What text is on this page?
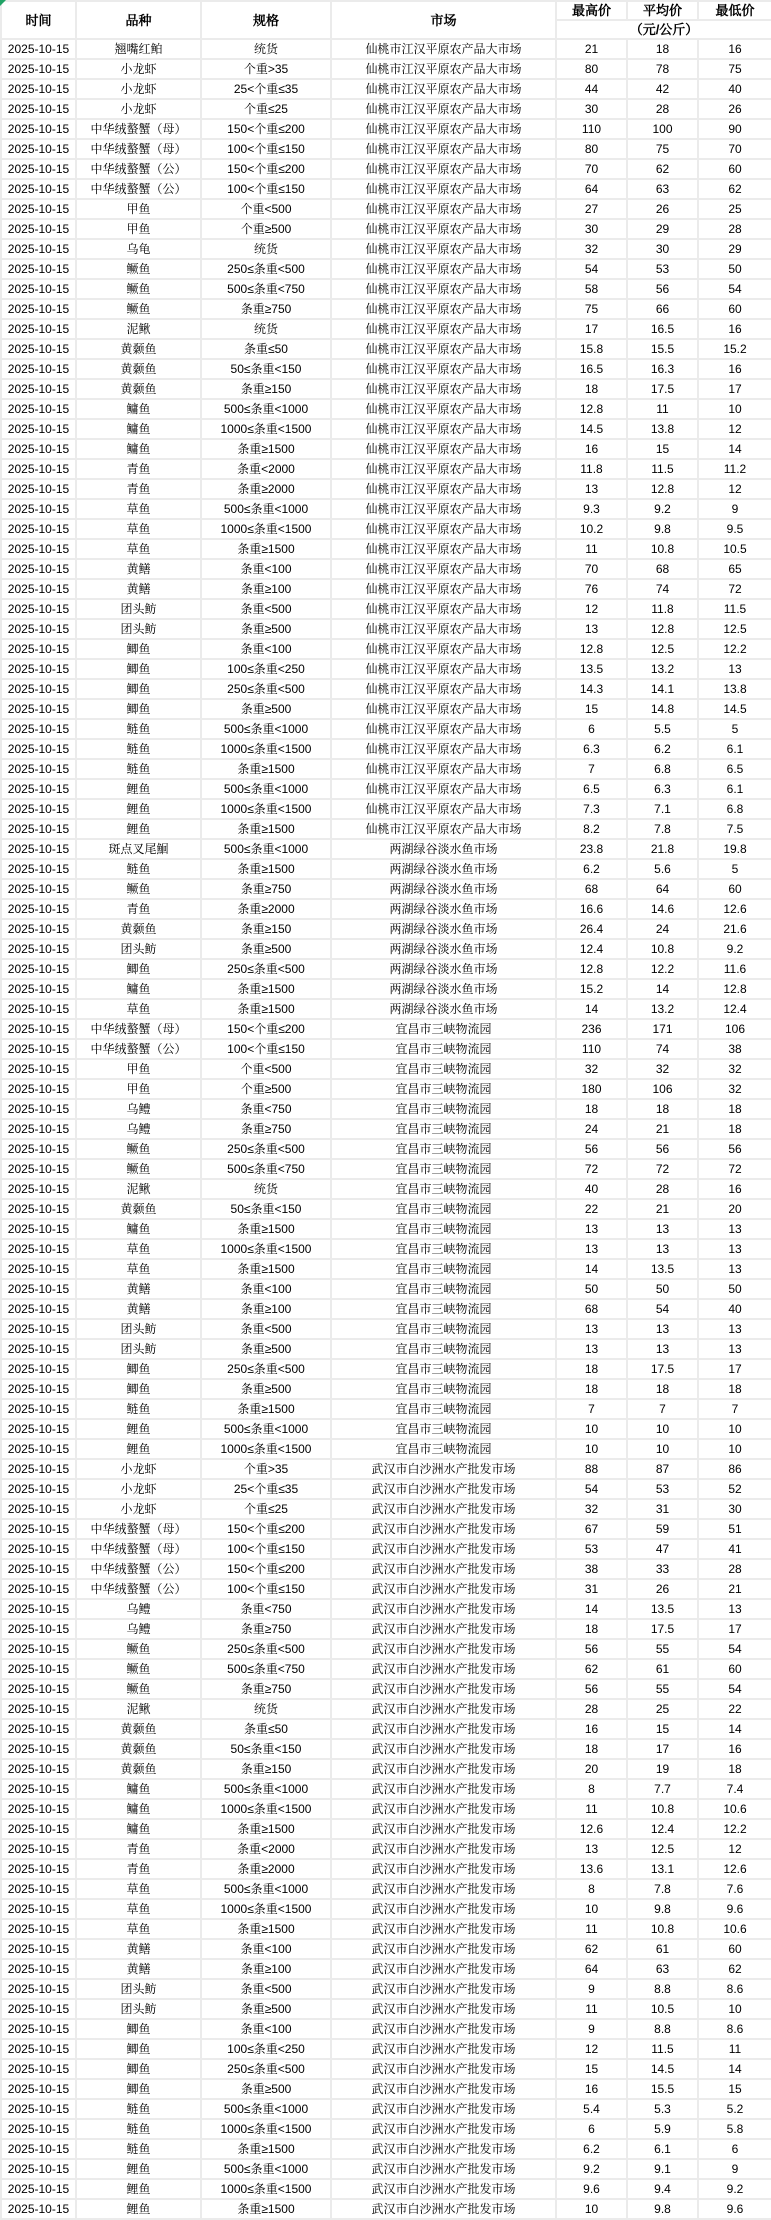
时间	品种	规格	市场	最高价	平均价	最低价
				（元/公斤）		
2025-10-15	翘嘴红鲌	统货	仙桃市江汉平原农产品大市场	21	18	16
2025-10-15	小龙虾	个重>35	仙桃市江汉平原农产品大市场	80	78	75
2025-10-15	小龙虾	25<个重≤35	仙桃市江汉平原农产品大市场	44	42	40
2025-10-15	小龙虾	个重≤25	仙桃市江汉平原农产品大市场	30	28	26
2025-10-15	中华绒螯蟹（母）	150<个重≤200	仙桃市江汉平原农产品大市场	110	100	90
2025-10-15	中华绒螯蟹（母）	100<个重≤150	仙桃市江汉平原农产品大市场	80	75	70
2025-10-15	中华绒螯蟹（公）	150<个重≤200	仙桃市江汉平原农产品大市场	70	62	60
2025-10-15	中华绒螯蟹（公）	100<个重≤150	仙桃市江汉平原农产品大市场	64	63	62
2025-10-15	甲鱼	个重<500	仙桃市江汉平原农产品大市场	27	26	25
2025-10-15	甲鱼	个重≥500	仙桃市江汉平原农产品大市场	30	29	28
2025-10-15	乌龟	统货	仙桃市江汉平原农产品大市场	32	30	29
2025-10-15	鳜鱼	250≤条重<500	仙桃市江汉平原农产品大市场	54	53	50
2025-10-15	鳜鱼	500≤条重<750	仙桃市江汉平原农产品大市场	58	56	54
2025-10-15	鳜鱼	条重≥750	仙桃市江汉平原农产品大市场	75	66	60
2025-10-15	泥鳅	统货	仙桃市江汉平原农产品大市场	17	16.5	16
2025-10-15	黄颡鱼	条重≤50	仙桃市江汉平原农产品大市场	15.8	15.5	15.2
2025-10-15	黄颡鱼	50≤条重<150	仙桃市江汉平原农产品大市场	16.5	16.3	16
2025-10-15	黄颡鱼	条重≥150	仙桃市江汉平原农产品大市场	18	17.5	17
2025-10-15	鳙鱼	500≤条重<1000	仙桃市江汉平原农产品大市场	12.8	11	10
2025-10-15	鳙鱼	1000≤条重<1500	仙桃市江汉平原农产品大市场	14.5	13.8	12
2025-10-15	鳙鱼	条重≥1500	仙桃市江汉平原农产品大市场	16	15	14
2025-10-15	青鱼	条重<2000	仙桃市江汉平原农产品大市场	11.8	11.5	11.2
2025-10-15	青鱼	条重≥2000	仙桃市江汉平原农产品大市场	13	12.8	12
2025-10-15	草鱼	500≤条重<1000	仙桃市江汉平原农产品大市场	9.3	9.2	9
2025-10-15	草鱼	1000≤条重<1500	仙桃市江汉平原农产品大市场	10.2	9.8	9.5
2025-10-15	草鱼	条重≥1500	仙桃市江汉平原农产品大市场	11	10.8	10.5
2025-10-15	黄鳝	条重<100	仙桃市江汉平原农产品大市场	70	68	65
2025-10-15	黄鳝	条重≥100	仙桃市江汉平原农产品大市场	76	74	72
2025-10-15	团头鲂	条重<500	仙桃市江汉平原农产品大市场	12	11.8	11.5
2025-10-15	团头鲂	条重≥500	仙桃市江汉平原农产品大市场	13	12.8	12.5
2025-10-15	鲫鱼	条重<100	仙桃市江汉平原农产品大市场	12.8	12.5	12.2
2025-10-15	鲫鱼	100≤条重<250	仙桃市江汉平原农产品大市场	13.5	13.2	13
2025-10-15	鲫鱼	250≤条重<500	仙桃市江汉平原农产品大市场	14.3	14.1	13.8
2025-10-15	鲫鱼	条重≥500	仙桃市江汉平原农产品大市场	15	14.8	14.5
2025-10-15	鲢鱼	500≤条重<1000	仙桃市江汉平原农产品大市场	6	5.5	5
2025-10-15	鲢鱼	1000≤条重<1500	仙桃市江汉平原农产品大市场	6.3	6.2	6.1
2025-10-15	鲢鱼	条重≥1500	仙桃市江汉平原农产品大市场	7	6.8	6.5
2025-10-15	鲤鱼	500≤条重<1000	仙桃市江汉平原农产品大市场	6.5	6.3	6.1
2025-10-15	鲤鱼	1000≤条重<1500	仙桃市江汉平原农产品大市场	7.3	7.1	6.8
2025-10-15	鲤鱼	条重≥1500	仙桃市江汉平原农产品大市场	8.2	7.8	7.5
2025-10-15	斑点叉尾鮰	500≤条重<1000	两湖绿谷淡水鱼市场	23.8	21.8	19.8
2025-10-15	鲢鱼	条重≥1500	两湖绿谷淡水鱼市场	6.2	5.6	5
2025-10-15	鳜鱼	条重≥750	两湖绿谷淡水鱼市场	68	64	60
2025-10-15	青鱼	条重≥2000	两湖绿谷淡水鱼市场	16.6	14.6	12.6
2025-10-15	黄颡鱼	条重≥150	两湖绿谷淡水鱼市场	26.4	24	21.6
2025-10-15	团头鲂	条重≥500	两湖绿谷淡水鱼市场	12.4	10.8	9.2
2025-10-15	鲫鱼	250≤条重<500	两湖绿谷淡水鱼市场	12.8	12.2	11.6
2025-10-15	鳙鱼	条重≥1500	两湖绿谷淡水鱼市场	15.2	14	12.8
2025-10-15	草鱼	条重≥1500	两湖绿谷淡水鱼市场	14	13.2	12.4
2025-10-15	中华绒螯蟹（母）	150<个重≤200	宜昌市三峡物流园	236	171	106
2025-10-15	中华绒螯蟹（公）	100<个重≤150	宜昌市三峡物流园	110	74	38
2025-10-15	甲鱼	个重<500	宜昌市三峡物流园	32	32	32
2025-10-15	甲鱼	个重≥500	宜昌市三峡物流园	180	106	32
2025-10-15	乌鳢	条重<750	宜昌市三峡物流园	18	18	18
2025-10-15	乌鳢	条重≥750	宜昌市三峡物流园	24	21	18
2025-10-15	鳜鱼	250≤条重<500	宜昌市三峡物流园	56	56	56
2025-10-15	鳜鱼	500≤条重<750	宜昌市三峡物流园	72	72	72
2025-10-15	泥鳅	统货	宜昌市三峡物流园	40	28	16
2025-10-15	黄颡鱼	50≤条重<150	宜昌市三峡物流园	22	21	20
2025-10-15	鳙鱼	条重≥1500	宜昌市三峡物流园	13	13	13
2025-10-15	草鱼	1000≤条重<1500	宜昌市三峡物流园	13	13	13
2025-10-15	草鱼	条重≥1500	宜昌市三峡物流园	14	13.5	13
2025-10-15	黄鳝	条重<100	宜昌市三峡物流园	50	50	50
2025-10-15	黄鳝	条重≥100	宜昌市三峡物流园	68	54	40
2025-10-15	团头鲂	条重<500	宜昌市三峡物流园	13	13	13
2025-10-15	团头鲂	条重≥500	宜昌市三峡物流园	13	13	13
2025-10-15	鲫鱼	250≤条重<500	宜昌市三峡物流园	18	17.5	17
2025-10-15	鲫鱼	条重≥500	宜昌市三峡物流园	18	18	18
2025-10-15	鲢鱼	条重≥1500	宜昌市三峡物流园	7	7	7
2025-10-15	鲤鱼	500≤条重<1000	宜昌市三峡物流园	10	10	10
2025-10-15	鲤鱼	1000≤条重<1500	宜昌市三峡物流园	10	10	10
2025-10-15	小龙虾	个重>35	武汉市白沙洲水产批发市场	88	87	86
2025-10-15	小龙虾	25<个重≤35	武汉市白沙洲水产批发市场	54	53	52
2025-10-15	小龙虾	个重≤25	武汉市白沙洲水产批发市场	32	31	30
2025-10-15	中华绒螯蟹（母）	150<个重≤200	武汉市白沙洲水产批发市场	67	59	51
2025-10-15	中华绒螯蟹（母）	100<个重≤150	武汉市白沙洲水产批发市场	53	47	41
2025-10-15	中华绒螯蟹（公）	150<个重≤200	武汉市白沙洲水产批发市场	38	33	28
2025-10-15	中华绒螯蟹（公）	100<个重≤150	武汉市白沙洲水产批发市场	31	26	21
2025-10-15	乌鳢	条重<750	武汉市白沙洲水产批发市场	14	13.5	13
2025-10-15	乌鳢	条重≥750	武汉市白沙洲水产批发市场	18	17.5	17
2025-10-15	鳜鱼	250≤条重<500	武汉市白沙洲水产批发市场	56	55	54
2025-10-15	鳜鱼	500≤条重<750	武汉市白沙洲水产批发市场	62	61	60
2025-10-15	鳜鱼	条重≥750	武汉市白沙洲水产批发市场	56	55	54
2025-10-15	泥鳅	统货	武汉市白沙洲水产批发市场	28	25	22
2025-10-15	黄颡鱼	条重≤50	武汉市白沙洲水产批发市场	16	15	14
2025-10-15	黄颡鱼	50≤条重<150	武汉市白沙洲水产批发市场	18	17	16
2025-10-15	黄颡鱼	条重≥150	武汉市白沙洲水产批发市场	20	19	18
2025-10-15	鳙鱼	500≤条重<1000	武汉市白沙洲水产批发市场	8	7.7	7.4
2025-10-15	鳙鱼	1000≤条重<1500	武汉市白沙洲水产批发市场	11	10.8	10.6
2025-10-15	鳙鱼	条重≥1500	武汉市白沙洲水产批发市场	12.6	12.4	12.2
2025-10-15	青鱼	条重<2000	武汉市白沙洲水产批发市场	13	12.5	12
2025-10-15	青鱼	条重≥2000	武汉市白沙洲水产批发市场	13.6	13.1	12.6
2025-10-15	草鱼	500≤条重<1000	武汉市白沙洲水产批发市场	8	7.8	7.6
2025-10-15	草鱼	1000≤条重<1500	武汉市白沙洲水产批发市场	10	9.8	9.6
2025-10-15	草鱼	条重≥1500	武汉市白沙洲水产批发市场	11	10.8	10.6
2025-10-15	黄鳝	条重<100	武汉市白沙洲水产批发市场	62	61	60
2025-10-15	黄鳝	条重≥100	武汉市白沙洲水产批发市场	64	63	62
2025-10-15	团头鲂	条重<500	武汉市白沙洲水产批发市场	9	8.8	8.6
2025-10-15	团头鲂	条重≥500	武汉市白沙洲水产批发市场	11	10.5	10
2025-10-15	鲫鱼	条重<100	武汉市白沙洲水产批发市场	9	8.8	8.6
2025-10-15	鲫鱼	100≤条重<250	武汉市白沙洲水产批发市场	12	11.5	11
2025-10-15	鲫鱼	250≤条重<500	武汉市白沙洲水产批发市场	15	14.5	14
2025-10-15	鲫鱼	条重≥500	武汉市白沙洲水产批发市场	16	15.5	15
2025-10-15	鲢鱼	500≤条重<1000	武汉市白沙洲水产批发市场	5.4	5.3	5.2
2025-10-15	鲢鱼	1000≤条重<1500	武汉市白沙洲水产批发市场	6	5.9	5.8
2025-10-15	鲢鱼	条重≥1500	武汉市白沙洲水产批发市场	6.2	6.1	6
2025-10-15	鲤鱼	500≤条重<1000	武汉市白沙洲水产批发市场	9.2	9.1	9
2025-10-15	鲤鱼	1000≤条重<1500	武汉市白沙洲水产批发市场	9.6	9.4	9.2
2025-10-15	鲤鱼	条重≥1500	武汉市白沙洲水产批发市场	10	9.8	9.6
